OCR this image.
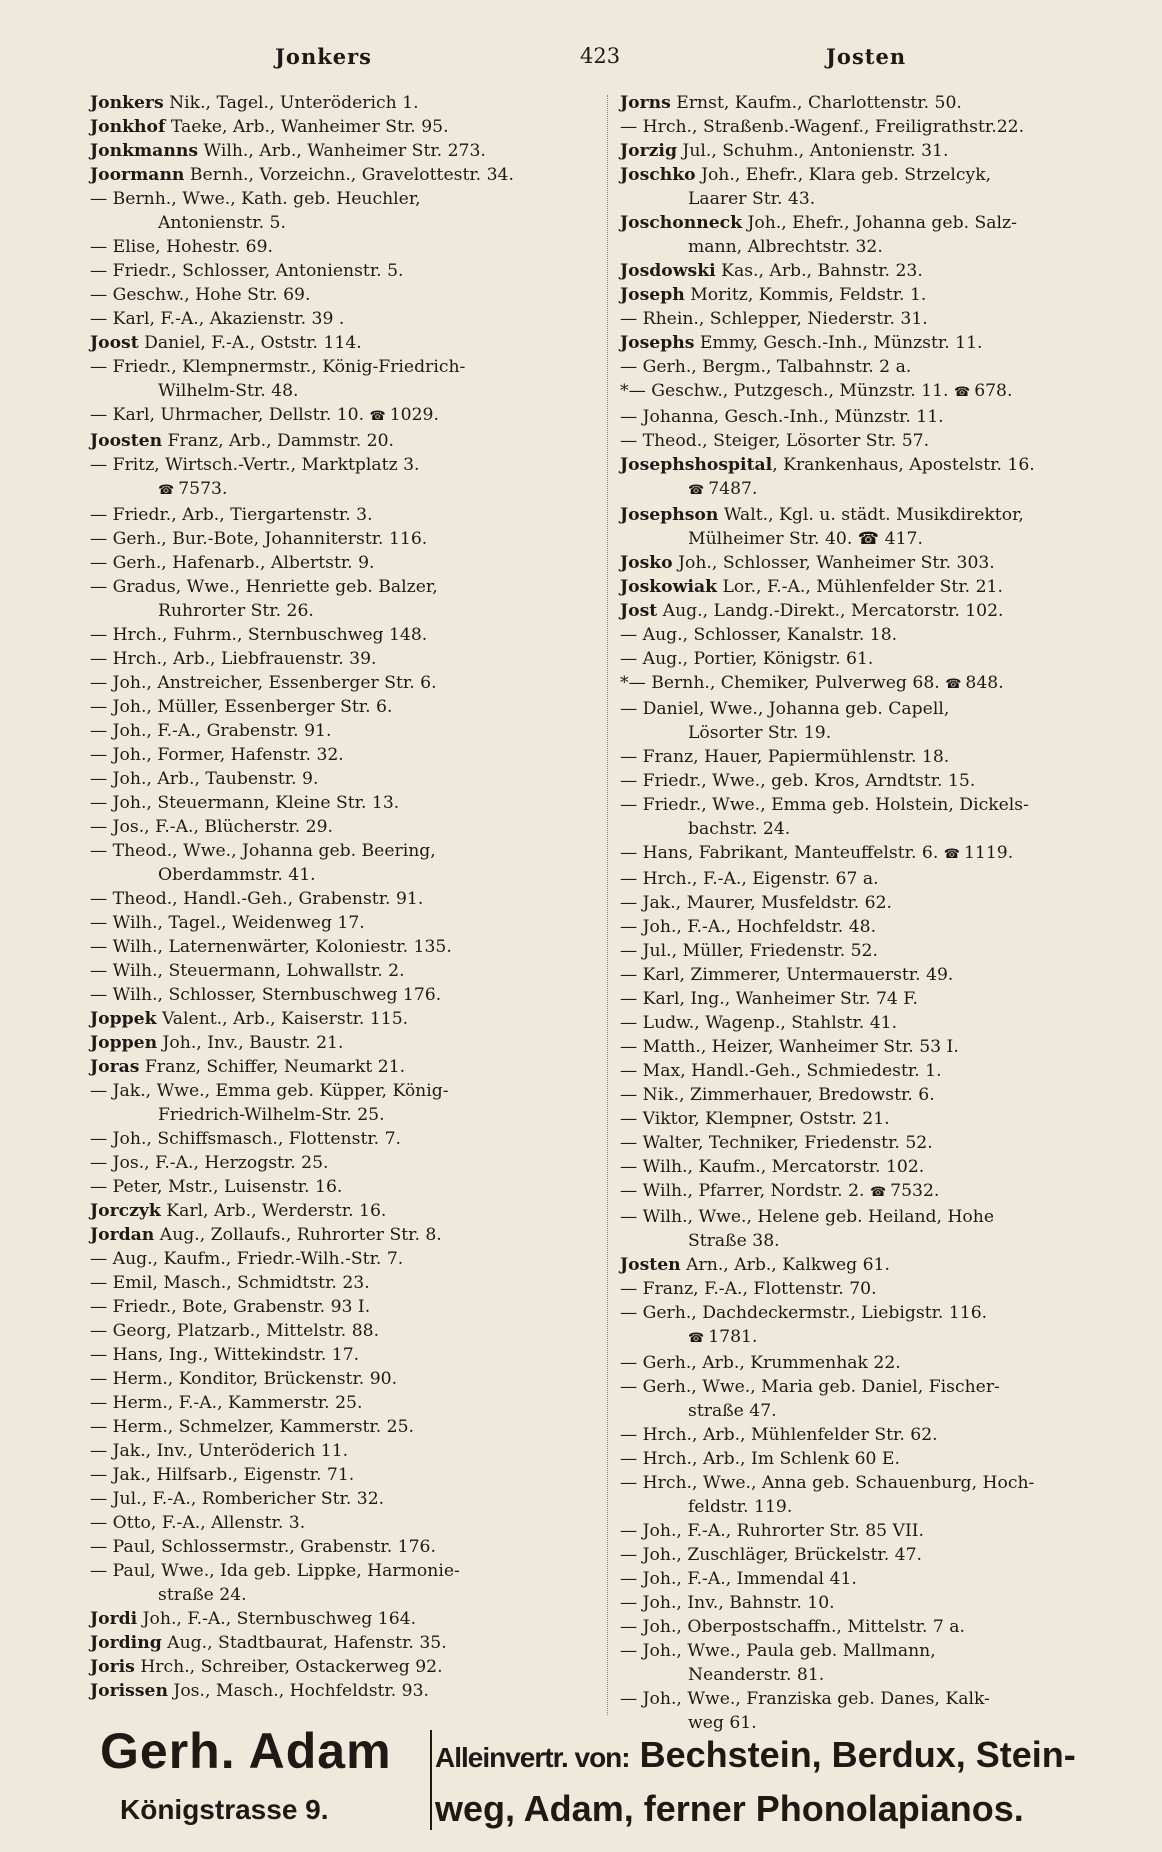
Jonkers	423	Josten
Jonkers Nik., Tagel., Unteröderich 1.
Jonkhof Taeke, Arb., Wanheimer Str. 95.
Jonkmanns Wilh., Arb., Wanheimer Str. 273.
Joormann Bernh., Vorzeichn., Gravelottestr. 34.
— Bernh., Wwe., Kath. geb. Heuchler,
Antonienstr. 5.
— Elise, Hohestr. 69.
— Friedr., Schlosser, Antonienstr. 5.
— Geschw., Hohe Str. 69.
— Karl, F.-A., Akazienstr. 39 .
Joost Daniel, F.-A., Oststr. 114.
— Friedr., Klempnermstr., König-Friedrich-
Wilhelm-Str. 48.
— Karl, Uhrmacher, Dellstr. 10. ☎ 1029.
Joosten Franz, Arb., Dammstr. 20.
— Fritz, Wirtsch.-Vertr., Marktplatz 3.
☎ 7573.
— Friedr., Arb., Tiergartenstr. 3.
— Gerh., Bur.-Bote, Johanniterstr. 116.
— Gerh., Hafenarb., Albertstr. 9.
— Gradus, Wwe., Henriette geb. Balzer,
Ruhrorter Str. 26.
— Hrch., Fuhrm., Sternbuschweg 148.
— Hrch., Arb., Liebfrauenstr. 39.
— Joh., Anstreicher, Essenberger Str. 6.
— Joh., Müller, Essenberger Str. 6.
— Joh., F.-A., Grabenstr. 91.
— Joh., Former, Hafenstr. 32.
— Joh., Arb., Taubenstr. 9.
— Joh., Steuermann, Kleine Str. 13.
— Jos., F.-A., Blücherstr. 29.
— Theod., Wwe., Johanna geb. Beering,
Oberdammstr. 41.
— Theod., Handl.-Geh., Grabenstr. 91.
— Wilh., Tagel., Weidenweg 17.
— Wilh., Laternenwärter, Koloniestr. 135.
— Wilh., Steuermann, Lohwallstr. 2.
— Wilh., Schlosser, Sternbuschweg 176.
Joppek Valent., Arb., Kaiserstr. 115.
Joppen Joh., Inv., Baustr. 21.
Joras Franz, Schiffer, Neumarkt 21.
— Jak., Wwe., Emma geb. Küpper, König-
Friedrich-Wilhelm-Str. 25.
— Joh., Schiffsmasch., Flottenstr. 7.
— Jos., F.-A., Herzogstr. 25.
— Peter, Mstr., Luisenstr. 16.
Jorczyk Karl, Arb., Werderstr. 16.
Jordan Aug., Zollaufs., Ruhrorter Str. 8.
— Aug., Kaufm., Friedr.-Wilh.-Str. 7.
— Emil, Masch., Schmidtstr. 23.
— Friedr., Bote, Grabenstr. 93 I.
— Georg, Platzarb., Mittelstr. 88.
— Hans, Ing., Wittekindstr. 17.
— Herm., Konditor, Brückenstr. 90.
— Herm., F.-A., Kammerstr. 25.
— Herm., Schmelzer, Kammerstr. 25.
— Jak., Inv., Unteröderich 11.
— Jak., Hilfsarb., Eigenstr. 71.
— Jul., F.-A., Rombericher Str. 32.
— Otto, F.-A., Allenstr. 3.
— Paul, Schlossermstr., Grabenstr. 176.
— Paul, Wwe., Ida geb. Lippke, Harmonie-
straße 24.
Jordi Joh., F.-A., Sternbuschweg 164.
Jording Aug., Stadtbaurat, Hafenstr. 35.
Joris Hrch., Schreiber, Ostackerweg 92.
Jorissen Jos., Masch., Hochfeldstr. 93.
Jorns Ernst, Kaufm., Charlottenstr. 50.
— Hrch., Straßenb.-Wagenf., Freiligrathstr.22.
Jorzig Jul., Schuhm., Antonienstr. 31.
Joschko Joh., Ehefr., Klara geb. Strzelcyk,
Laarer Str. 43.
Joschonneck Joh., Ehefr., Johanna geb. Salz-
mann, Albrechtstr. 32.
Josdowski Kas., Arb., Bahnstr. 23.
Joseph Moritz, Kommis, Feldstr. 1.
— Rhein., Schlepper, Niederstr. 31.
Josephs Emmy, Gesch.-Inh., Münzstr. 11.
— Gerh., Bergm., Talbahnstr. 2 a.
*— Geschw., Putzgesch., Münzstr. 11. ☎ 678.
— Johanna, Gesch.-Inh., Münzstr. 11.
— Theod., Steiger, Lösorter Str. 57.
Josephshospital, Krankenhaus, Apostelstr. 16.
☎ 7487.
Josephson Walt., Kgl. u. städt. Musikdirektor,
Mülheimer Str. 40. ☎ 417.
Josko Joh., Schlosser, Wanheimer Str. 303.
Joskowiak Lor., F.-A., Mühlenfelder Str. 21.
Jost Aug., Landg.-Direkt., Mercatorstr. 102.
— Aug., Schlosser, Kanalstr. 18.
— Aug., Portier, Königstr. 61.
*— Bernh., Chemiker, Pulverweg 68. ☎ 848.
— Daniel, Wwe., Johanna geb. Capell,
Lösorter Str. 19.
— Franz, Hauer, Papiermühlenstr. 18.
— Friedr., Wwe., geb. Kros, Arndtstr. 15.
— Friedr., Wwe., Emma geb. Holstein, Dickels-
bachstr. 24.
— Hans, Fabrikant, Manteuffelstr. 6. ☎ 1119.
— Hrch., F.-A., Eigenstr. 67 a.
— Jak., Maurer, Musfeldstr. 62.
— Joh., F.-A., Hochfeldstr. 48.
— Jul., Müller, Friedenstr. 52.
— Karl, Zimmerer, Untermauerstr. 49.
— Karl, Ing., Wanheimer Str. 74 F.
— Ludw., Wagenp., Stahlstr. 41.
— Matth., Heizer, Wanheimer Str. 53 I.
— Max, Handl.-Geh., Schmiedestr. 1.
— Nik., Zimmerhauer, Bredowstr. 6.
— Viktor, Klempner, Oststr. 21.
— Walter, Techniker, Friedenstr. 52.
— Wilh., Kaufm., Mercatorstr. 102.
— Wilh., Pfarrer, Nordstr. 2. ☎ 7532.
— Wilh., Wwe., Helene geb. Heiland, Hohe
Straße 38.
Josten Arn., Arb., Kalkweg 61.
— Franz, F.-A., Flottenstr. 70.
— Gerh., Dachdeckermstr., Liebigstr. 116.
☎ 1781.
— Gerh., Arb., Krummenhak 22.
— Gerh., Wwe., Maria geb. Daniel, Fischer-
straße 47.
— Hrch., Arb., Mühlenfelder Str. 62.
— Hrch., Arb., Im Schlenk 60 E.
— Hrch., Wwe., Anna geb. Schauenburg, Hoch-
feldstr. 119.
— Joh., F.-A., Ruhrorter Str. 85 VII.
— Joh., Zuschläger, Brückelstr. 47.
— Joh., F.-A., Immendal 41.
— Joh., Inv., Bahnstr. 10.
— Joh., Oberpostschaffn., Mittelstr. 7 a.
— Joh., Wwe., Paula geb. Mallmann,
Neanderstr. 81.
— Joh., Wwe., Franziska geb. Danes, Kalk-
weg 61.
Gerh. Adam
Königstrasse 9.
Alleinvertr. von: Bechstein, Berdux, Stein-
weg, Adam, ferner Phonolapianos.
